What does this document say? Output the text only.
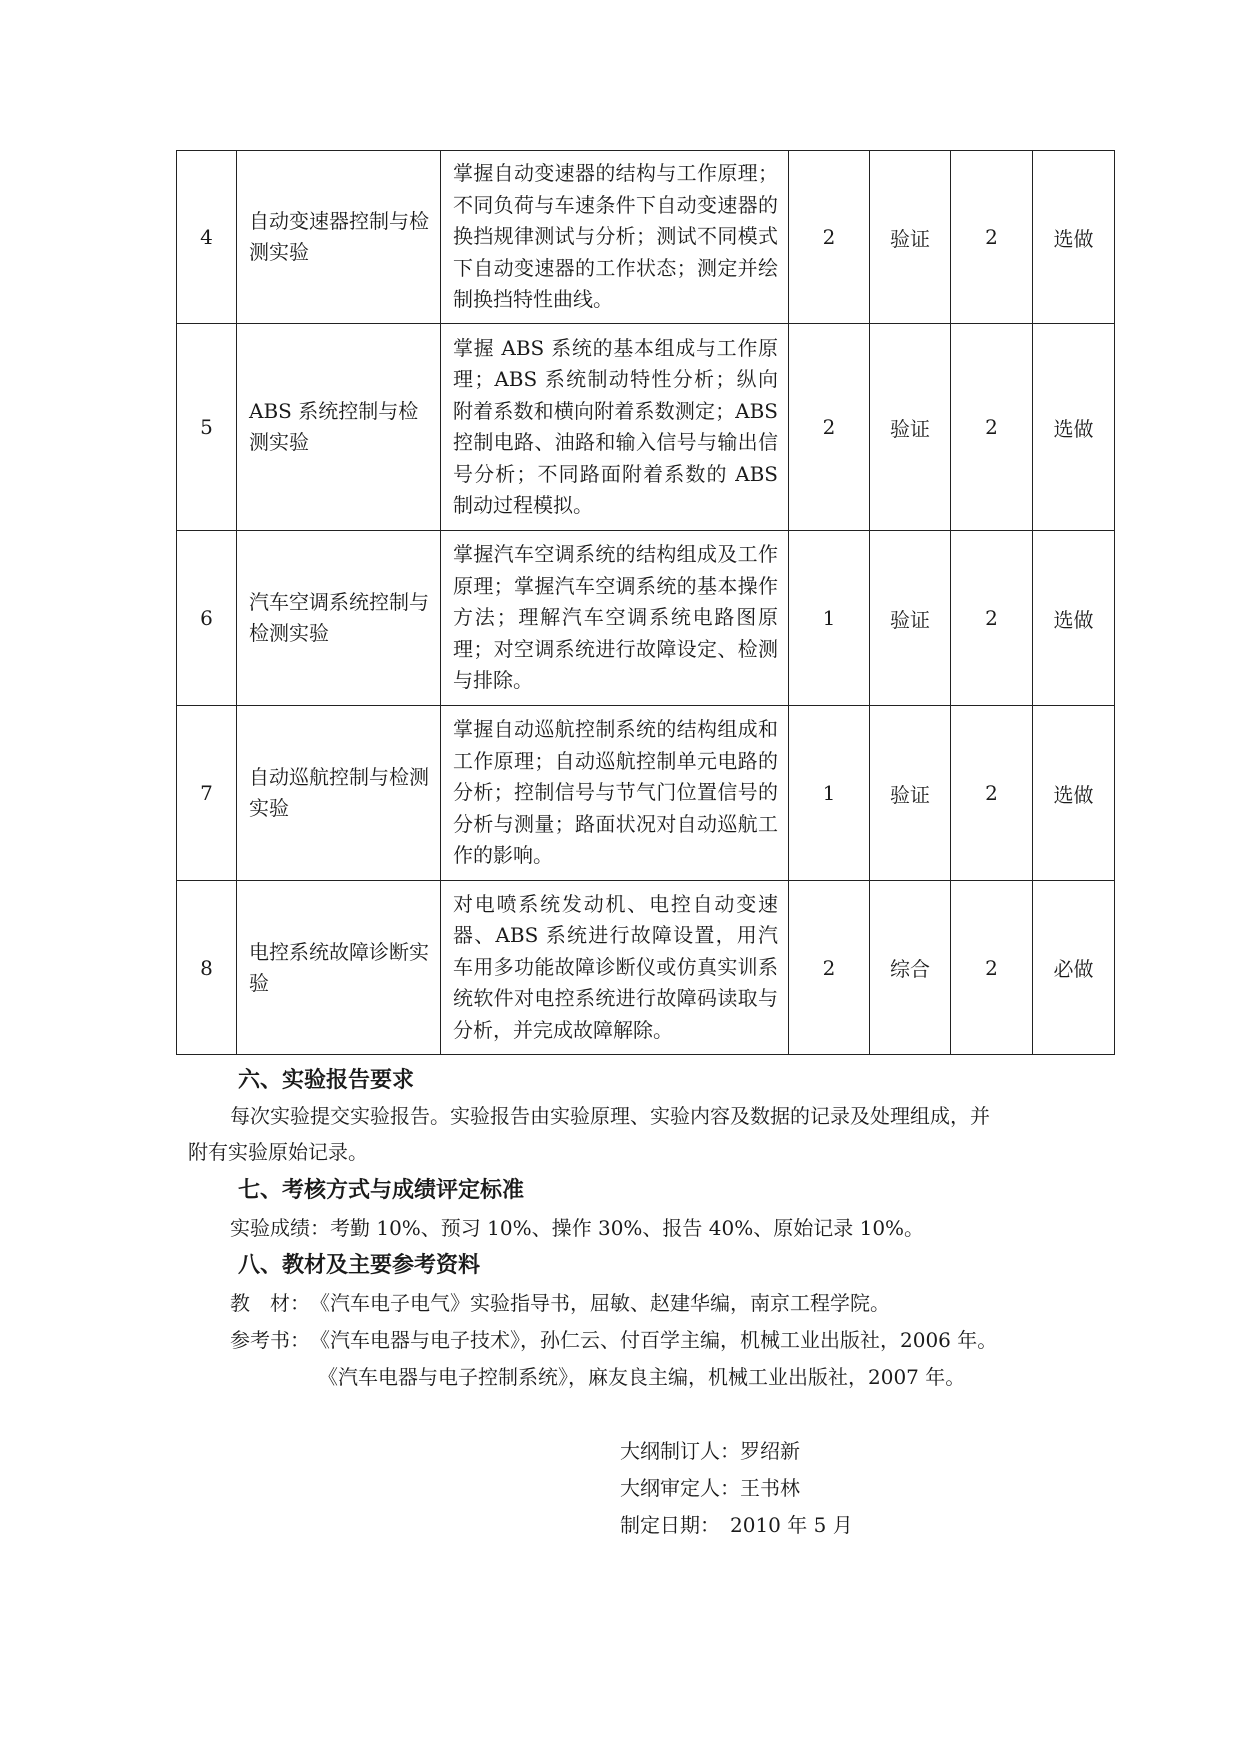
4	自动变速器控制与检测实验	掌握自动变速器的结构与工作原理；不同负荷与车速条件下自动变速器的换挡规律测试与分析；测试不同模式下自动变速器的工作状态；测定并绘制换挡特性曲线。	2	验证	2	选做
5	ABS 系统控制与检测实验	掌握 ABS 系统的基本组成与工作原理；ABS 系统制动特性分析；纵向附着系数和横向附着系数测定；ABS 控制电路、油路和输入信号与输出信号分析；不同路面附着系数的 ABS 制动过程模拟。	2	验证	2	选做
6	汽车空调系统控制与检测实验	掌握汽车空调系统的结构组成及工作原理；掌握汽车空调系统的基本操作方法；理解汽车空调系统电路图原理；对空调系统进行故障设定、检测与排除。	1	验证	2	选做
7	自动巡航控制与检测实验	掌握自动巡航控制系统的结构组成和工作原理；自动巡航控制单元电路的分析；控制信号与节气门位置信号的分析与测量；路面状况对自动巡航工作的影响。	1	验证	2	选做
8	电控系统故障诊断实验	对电喷系统发动机、电控自动变速器、ABS 系统进行故障设置，用汽车用多功能故障诊断仪或仿真实训系统软件对电控系统进行故障码读取与分析，并完成故障解除。	2	综合	2	必做
六、实验报告要求
每次实验提交实验报告。实验报告由实验原理、实验内容及数据的记录及处理组成，并
附有实验原始记录。
七、考核方式与成绩评定标准
实验成绩：考勤 10%、预习 10%、操作 30%、报告 40%、原始记录 10%。
八、教材及主要参考资料
教　材：《汽车电子电气》实验指导书，屈敏、赵建华编，南京工程学院。
参考书：《汽车电器与电子技术》，孙仁云、付百学主编，机械工业出版社，2006 年。
《汽车电器与电子控制系统》，麻友良主编，机械工业出版社，2007 年。
大纲制订人：罗绍新
大纲审定人：王书林
制定日期：　2010 年 5 月
